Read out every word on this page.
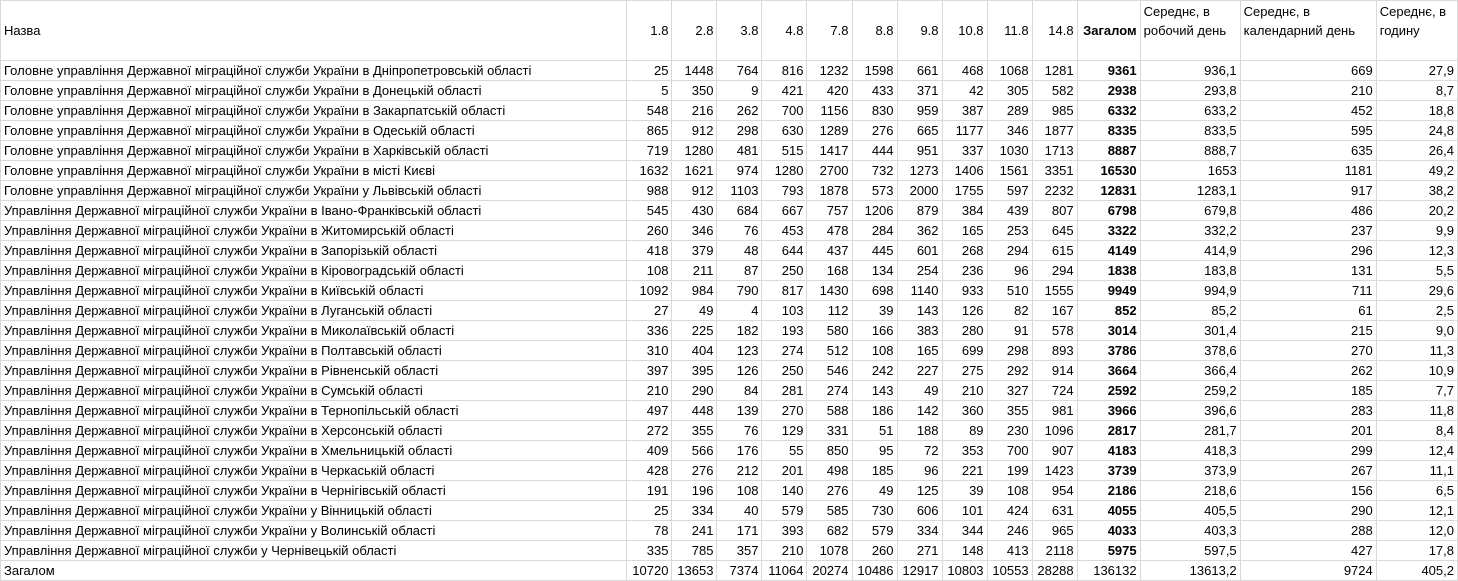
Назва	1.8	2.8	3.8	4.8	7.8	8.8	9.8	10.8	11.8	14.8	Загалом	Середнє, в робочий день	Середнє, в календарний день	Середнє, в годину
Головне управління Державної міграційної служби України в Дніпропетровській області	25	1448	764	816	1232	1598	661	468	1068	1281	9361	936,1	669	27,9
Головне управління Державної міграційної служби України в Донецькій області	5	350	9	421	420	433	371	42	305	582	2938	293,8	210	8,7
Головне управління Державної міграційної служби України в Закарпатській області	548	216	262	700	1156	830	959	387	289	985	6332	633,2	452	18,8
Головне управління Державної міграційної служби України в Одеській області	865	912	298	630	1289	276	665	1177	346	1877	8335	833,5	595	24,8
Головне управління Державної міграційної служби України в Харківській області	719	1280	481	515	1417	444	951	337	1030	1713	8887	888,7	635	26,4
Головне управління Державної міграційної служби України в місті Києві	1632	1621	974	1280	2700	732	1273	1406	1561	3351	16530	1653	1181	49,2
Головне управління Державної міграційної служби України у Львівській області	988	912	1103	793	1878	573	2000	1755	597	2232	12831	1283,1	917	38,2
Управління Державної міграційної служби України в Івано-Франківській області	545	430	684	667	757	1206	879	384	439	807	6798	679,8	486	20,2
Управління Державної міграційної служби України в Житомирській області	260	346	76	453	478	284	362	165	253	645	3322	332,2	237	9,9
Управління Державної міграційної служби України в Запорізькій області	418	379	48	644	437	445	601	268	294	615	4149	414,9	296	12,3
Управління Державної міграційної служби України в Кіровоградській області	108	211	87	250	168	134	254	236	96	294	1838	183,8	131	5,5
Управління Державної міграційної служби України в Київській області	1092	984	790	817	1430	698	1140	933	510	1555	9949	994,9	711	29,6
Управління Державної міграційної служби України в Луганській області	27	49	4	103	112	39	143	126	82	167	852	85,2	61	2,5
Управління Державної міграційної служби України в Миколаївській області	336	225	182	193	580	166	383	280	91	578	3014	301,4	215	9,0
Управління Державної міграційної служби України в Полтавській області	310	404	123	274	512	108	165	699	298	893	3786	378,6	270	11,3
Управління Державної міграційної служби України в Рівненській області	397	395	126	250	546	242	227	275	292	914	3664	366,4	262	10,9
Управління Державної міграційної служби України в Сумській області	210	290	84	281	274	143	49	210	327	724	2592	259,2	185	7,7
Управління Державної міграційної служби України в Тернопільській області	497	448	139	270	588	186	142	360	355	981	3966	396,6	283	11,8
Управління Державної міграційної служби України в Херсонській області	272	355	76	129	331	51	188	89	230	1096	2817	281,7	201	8,4
Управління Державної міграційної служби України в Хмельницькій області	409	566	176	55	850	95	72	353	700	907	4183	418,3	299	12,4
Управління Державної міграційної служби України в Черкаській області	428	276	212	201	498	185	96	221	199	1423	3739	373,9	267	11,1
Управління Державної міграційної служби України в Чернігівській області	191	196	108	140	276	49	125	39	108	954	2186	218,6	156	6,5
Управління Державної міграційної служби України у Вінницькій області	25	334	40	579	585	730	606	101	424	631	4055	405,5	290	12,1
Управління Державної міграційної служби України у Волинській області	78	241	171	393	682	579	334	344	246	965	4033	403,3	288	12,0
Управління Державної міграційної служби у Чернівецькій області	335	785	357	210	1078	260	271	148	413	2118	5975	597,5	427	17,8
Загалом	10720	13653	7374	11064	20274	10486	12917	10803	10553	28288	136132	13613,2	9724	405,2
